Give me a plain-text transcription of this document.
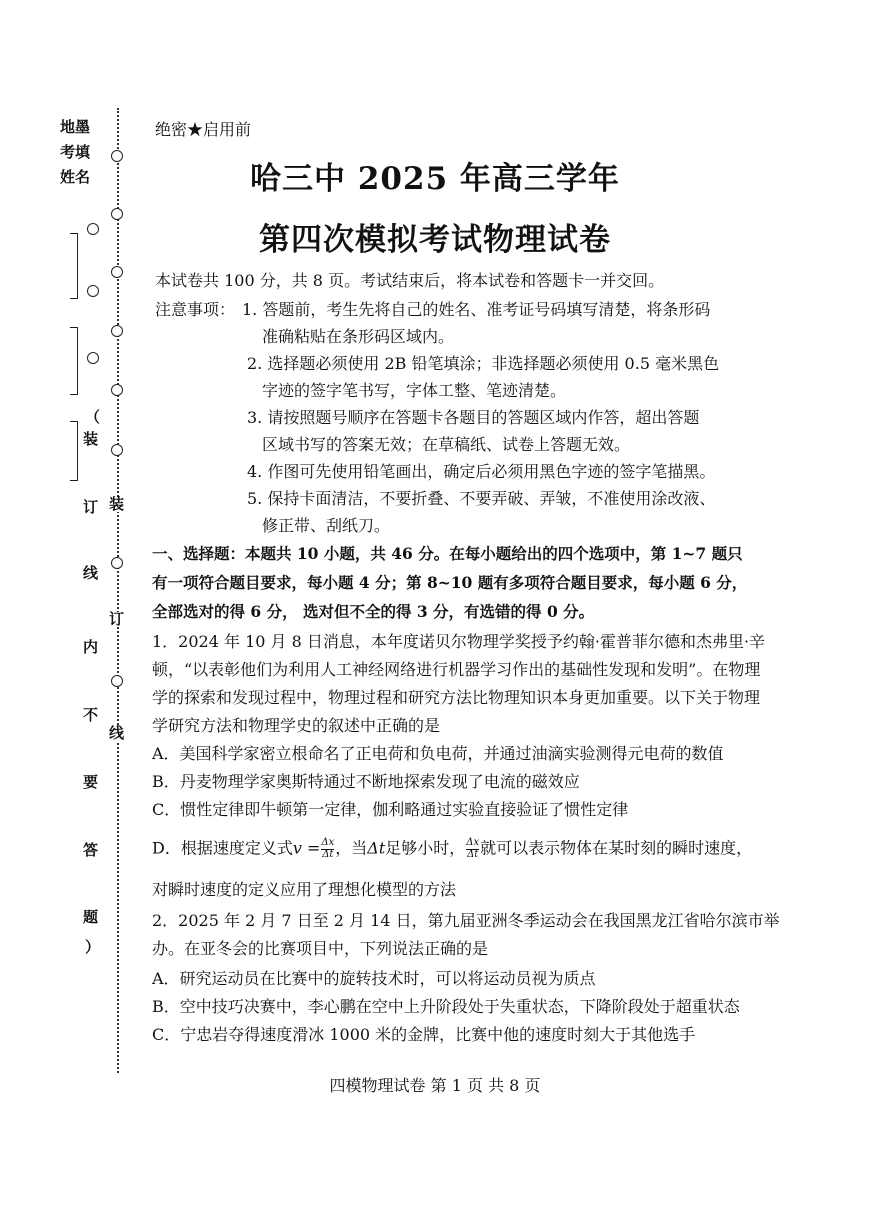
地墨
考填
姓名
（
装
订
线
内
不
要
答
题
）
装
订
线
绝密★启用前
哈三中 2025 年高三学年
第四次模拟考试物理试卷
本试卷共 100 分，共 8 页。考试结束后，将本试卷和答题卡一并交回。
注意事项： 1. 答题前，考生先将自己的姓名、准考证号码填写清楚，将条形码
准确粘贴在条形码区域内。
2. 选择题必须使用 2B 铅笔填涂；非选择题必须使用 0.5 毫米黑色
字迹的签字笔书写，字体工整、笔迹清楚。
3. 请按照题号顺序在答题卡各题目的答题区域内作答，超出答题
区域书写的答案无效；在草稿纸、试卷上答题无效。
4. 作图可先使用铅笔画出，确定后必须用黑色字迹的签字笔描黑。
5. 保持卡面清洁，不要折叠、不要弄破、弄皱，不准使用涂改液、
修正带、刮纸刀。
一、选择题：本题共 10 小题，共 46 分。在每小题给出的四个选项中，第 1~7 题只
有一项符合题目要求，每小题 4 分；第 8~10 题有多项符合题目要求，每小题 6 分，
全部选对的得 6 分， 选对但不全的得 3 分，有选错的得 0 分。
1．2024 年 10 月 8 日消息，本年度诺贝尔物理学奖授予约翰·霍普菲尔德和杰弗里·辛
顿，“以表彰他们为利用人工神经网络进行机器学习作出的基础性发现和发明”。在物理
学的探索和发现过程中，物理过程和研究方法比物理知识本身更加重要。以下关于物理
学研究方法和物理学史的叙述中正确的是
A．美国科学家密立根命名了正电荷和负电荷，并通过油滴实验测得元电荷的数值
B．丹麦物理学家奥斯特通过不断地探索发现了电流的磁效应
C．惯性定律即牛顿第一定律，伽利略通过实验直接验证了惯性定律
D．根据速度定义式$v = \frac{\Delta x}{\Delta t}$ ，当Δt足够小时， $\frac{\Delta x}{\Delta t}$ 就可以表示物体在某时刻的瞬时速度，
对瞬时速度的定义应用了理想化模型的方法
2．2025 年 2 月 7 日至 2 月 14 日，第九届亚洲冬季运动会在我国黑龙江省哈尔滨市举
办。在亚冬会的比赛项目中，下列说法正确的是
A．研究运动员在比赛中的旋转技术时，可以将运动员视为质点
B．空中技巧决赛中，李心鹏在空中上升阶段处于失重状态，下降阶段处于超重状态
C．宁忠岩夺得速度滑冰 1000 米的金牌，比赛中他的速度时刻大于其他选手
四模物理试卷 第 1 页 共 8 页
